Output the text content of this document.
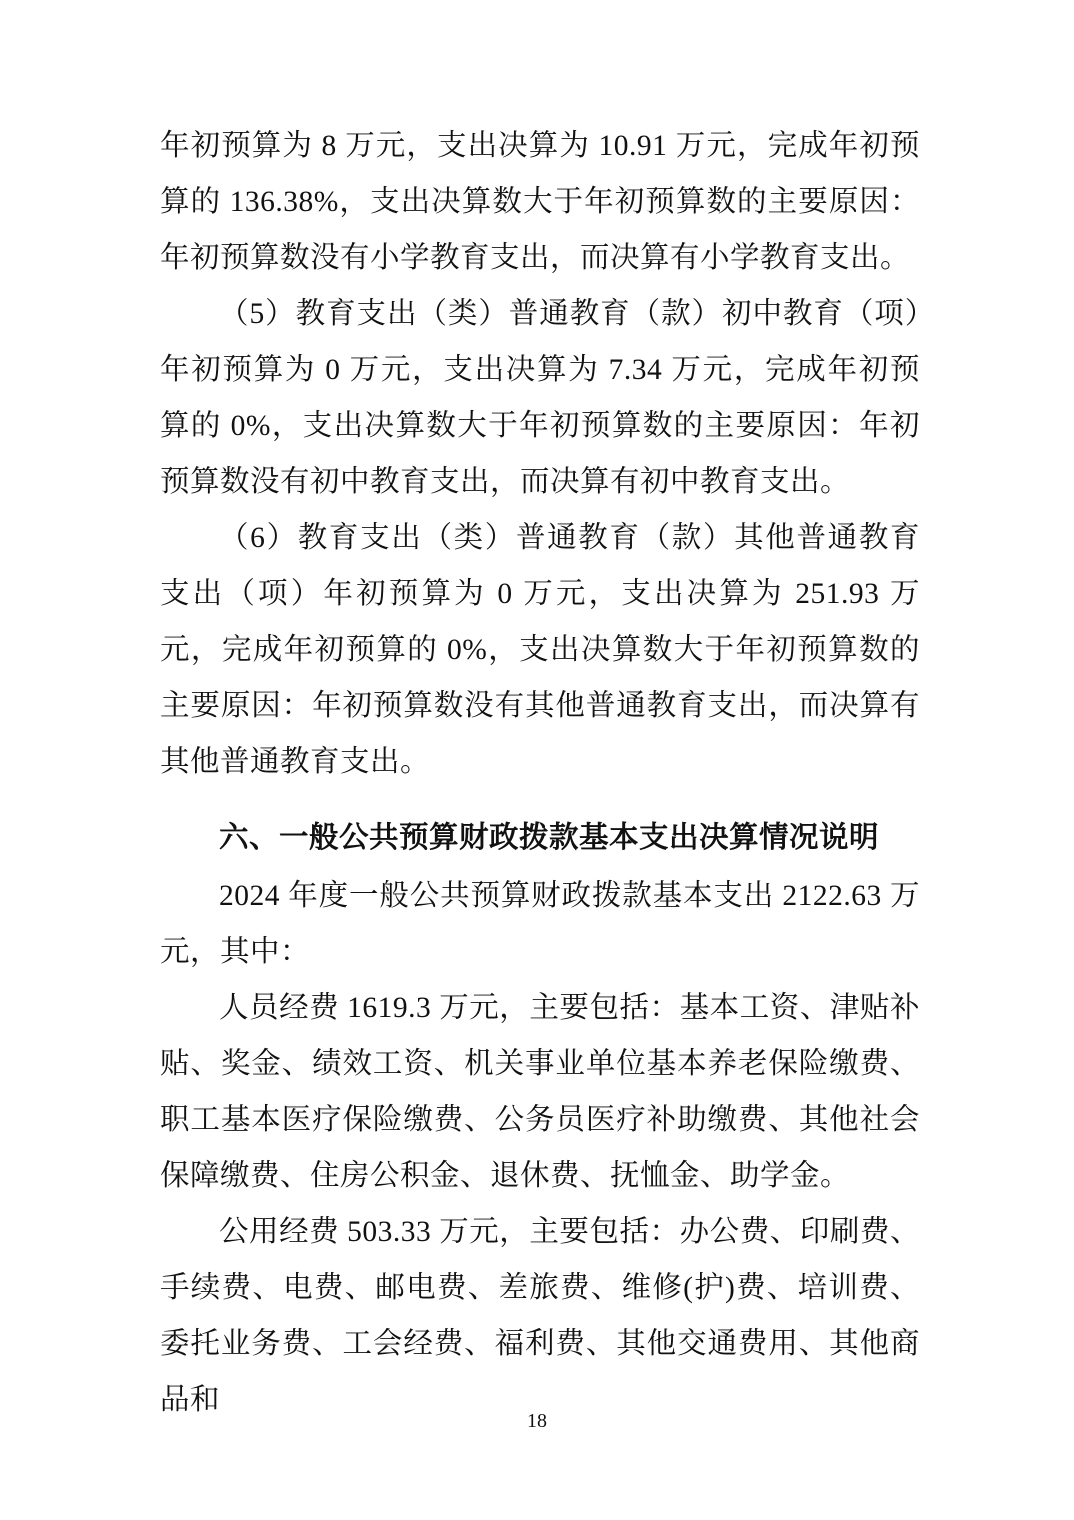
年初预算为 8 万元，支出决算为 10.91 万元，完成年初预算的 136.38%，支出决算数大于年初预算数的主要原因：年初预算数没有小学教育支出，而决算有小学教育支出。

（5）教育支出（类）普通教育（款）初中教育（项）年初预算为 0 万元，支出决算为 7.34 万元，完成年初预算的 0%，支出决算数大于年初预算数的主要原因：年初预算数没有初中教育支出，而决算有初中教育支出。

（6）教育支出（类）普通教育（款）其他普通教育支出（项）年初预算为 0 万元，支出决算为 251.93 万元，完成年初预算的 0%，支出决算数大于年初预算数的主要原因：年初预算数没有其他普通教育支出，而决算有其他普通教育支出。

六、一般公共预算财政拨款基本支出决算情况说明

2024 年度一般公共预算财政拨款基本支出 2122.63 万元，其中：

人员经费 1619.3 万元，主要包括：基本工资、津贴补贴、奖金、绩效工资、机关事业单位基本养老保险缴费、职工基本医疗保险缴费、公务员医疗补助缴费、其他社会保障缴费、住房公积金、退休费、抚恤金、助学金。

公用经费 503.33 万元，主要包括：办公费、印刷费、手续费、电费、邮电费、差旅费、维修(护)费、培训费、委托业务费、工会经费、福利费、其他交通费用、其他商品和

18
